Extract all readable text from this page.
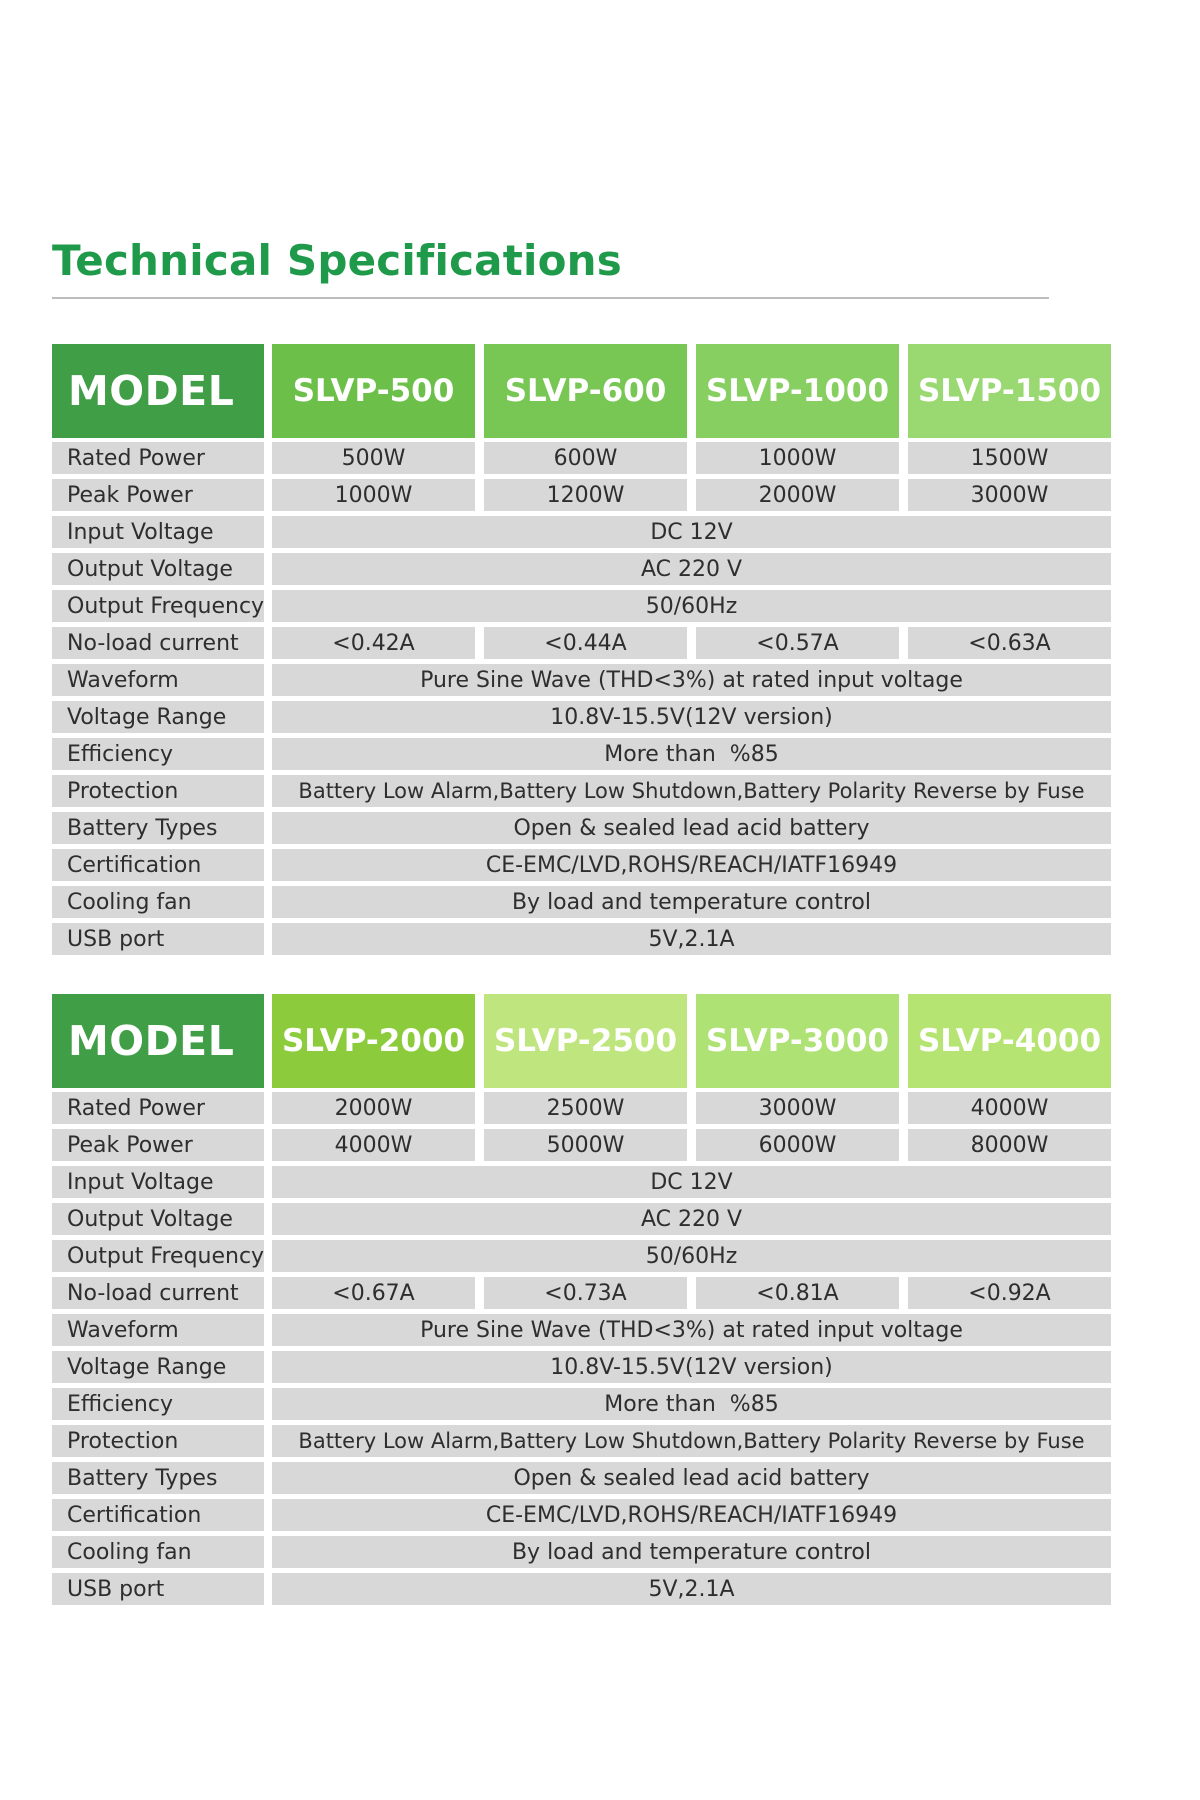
Technical Specifications
MODEL	SLVP-500	SLVP-600	SLVP-1000 SLVP-1500
Rated Power	500W	600W	1000W	1500W
Peak Power	1000W	1200W	2000W	3000W
Input Voltage	DC 12V
Output Voltage	AC 220 V
Output Frequency	50/60Hz
No-load current	<0.42A	<0.44A	<0.57A	<0.63A
Waveform	Pure Sine Wave (THD<3%) at rated input voltage
Voltage Range	10.8V-15.5V(12V version)
Efficiency	More than  %85
Protection	Battery Low Alarm,Battery Low Shutdown,Battery Polarity Reverse by Fuse
Battery Types	Open & sealed lead acid battery
Certification	CE-EMC/LVD,ROHS/REACH/IATF16949
Cooling fan	By load and temperature control
USB port	5V,2.1A
MODEL	SLVP-2000 SLVP-2500 SLVP-3000 SLVP-4000
Rated Power	2000W	2500W	3000W	4000W
Peak Power	4000W	5000W	6000W	8000W
Input Voltage	DC 12V
Output Voltage	AC 220 V
Output Frequency	50/60Hz
No-load current	<0.67A	<0.73A	<0.81A	<0.92A
Waveform	Pure Sine Wave (THD<3%) at rated input voltage
Voltage Range	10.8V-15.5V(12V version)
Efficiency	More than  %85
Protection	Battery Low Alarm,Battery Low Shutdown,Battery Polarity Reverse by Fuse
Battery Types	Open & sealed lead acid battery
Certification	CE-EMC/LVD,ROHS/REACH/IATF16949
Cooling fan	By load and temperature control
USB port	5V,2.1A
